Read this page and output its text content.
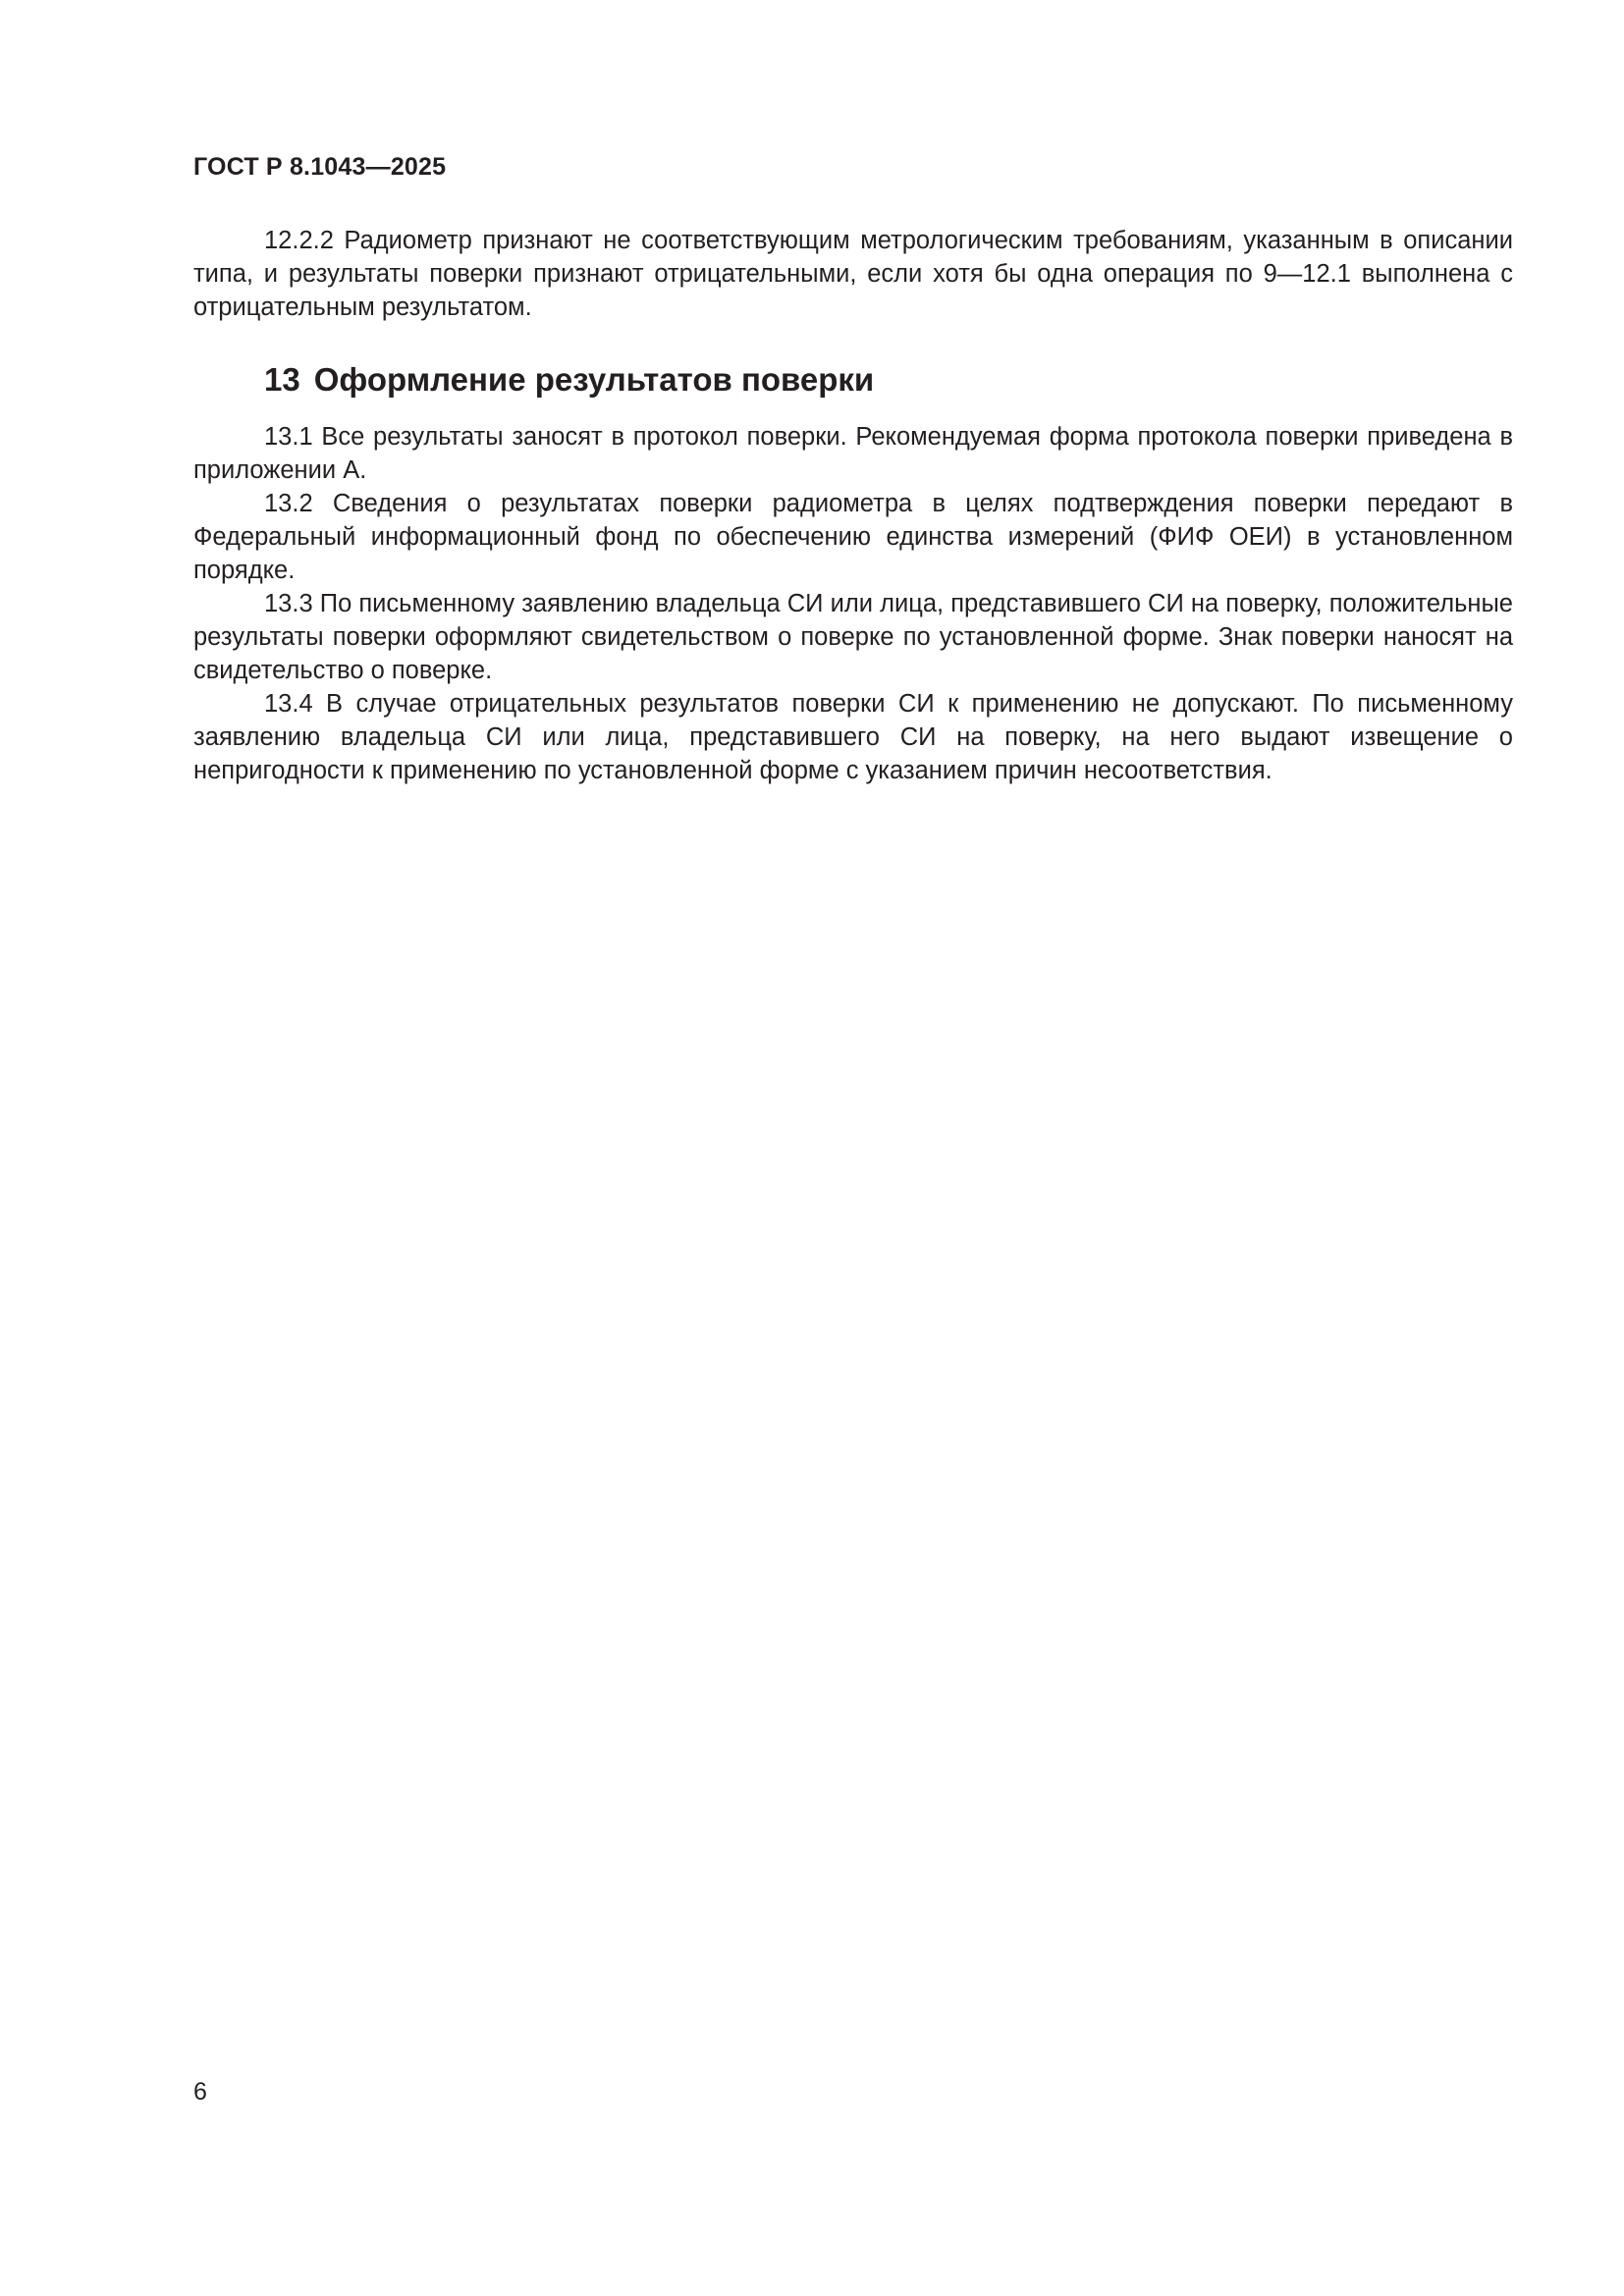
ГОСТ Р 8.1043—2025

12.2.2 Радиометр признают не соответствующим метрологическим требованиям, указанным в описании типа, и результаты поверки признают отрицательными, если хотя бы одна операция по 9—12.1 выполнена с отрицательным результатом.

13 Оформление результатов поверки

13.1 Все результаты заносят в протокол поверки. Рекомендуемая форма протокола поверки приведена в приложении А.

13.2 Сведения о результатах поверки радиометра в целях подтверждения поверки передают в Федеральный информационный фонд по обеспечению единства измерений (ФИФ ОЕИ) в установленном порядке.

13.3 По письменному заявлению владельца СИ или лица, представившего СИ на поверку, положительные результаты поверки оформляют свидетельством о поверке по установленной форме. Знак поверки наносят на свидетельство о поверке.

13.4 В случае отрицательных результатов поверки СИ к применению не допускают. По письменному заявлению владельца СИ или лица, представившего СИ на поверку, на него выдают извещение о непригодности к применению по установленной форме с указанием причин несоответствия.

6
